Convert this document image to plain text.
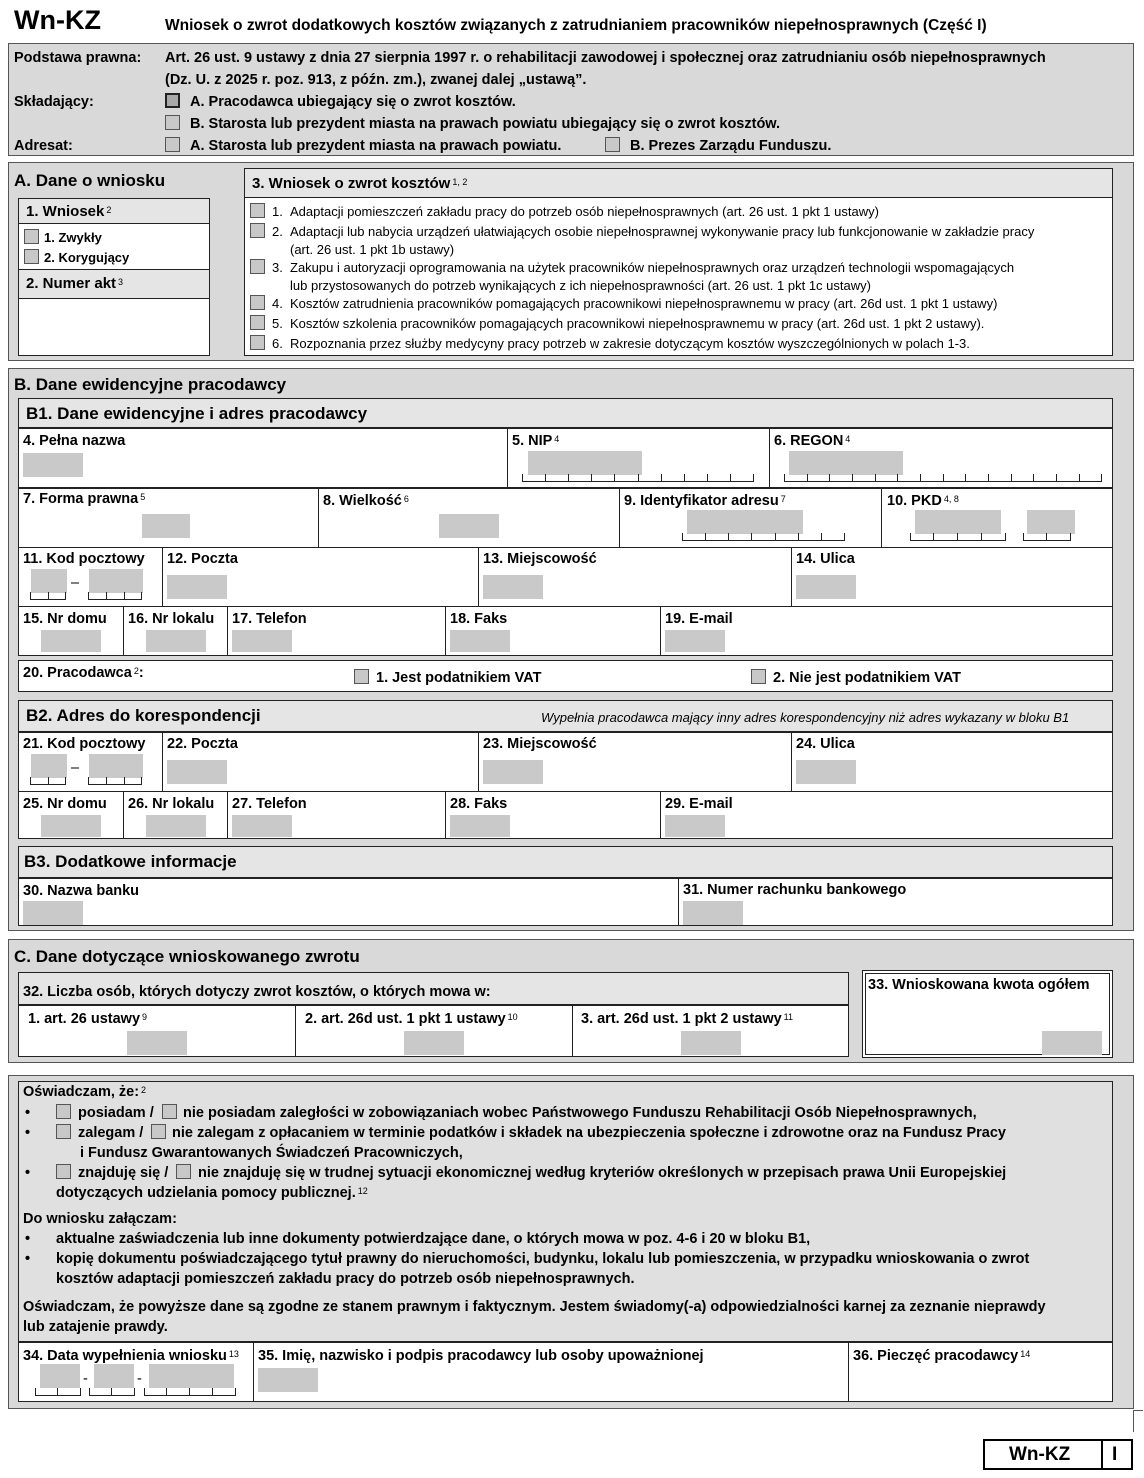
Wn-KZ	Wniosek o zwrot dodatkowych kosztów związanych z zatrudnianiem pracowników niepełnosprawnych (Część I)
Podstawa prawna: Art. 26 ust. 9 ustawy z dnia 27 sierpnia 1997 r. o rehabilitacji zawodowej i społecznej oraz zatrudnianiu osób niepełnosprawnych
(Dz. U. z 2025 r. poz. 913, z późn. zm.), zwanej dalej „ustawą”.
Składający:	A. Pracodawca ubiegający się o zwrot kosztów.
B. Starosta lub prezydent miasta na prawach powiatu ubiegający się o zwrot kosztów.
Adresat:	A. Starosta lub prezydent miasta na prawach powiatu.	B. Prezes Zarządu Funduszu.
A. Dane o wniosku
1. Wniosek $^2$
1. Zwykły
2. Korygujący
2. Numer akt $^3$
3. Wniosek o zwrot kosztów $^{1, 2}$
1. Adaptacji pomieszczeń zakładu pracy do potrzeb osób niepełnosprawnych (art. 26 ust. 1 pkt 1 ustawy)
2. Adaptacji lub nabycia urządzeń ułatwiających osobie niepełnosprawnej wykonywanie pracy lub funkcjonowanie w zakładzie pracy
(art. 26 ust. 1 pkt 1b ustawy)
3. Zakupu i autoryzacji oprogramowania na użytek pracowników niepełnosprawnych oraz urządzeń technologii wspomagających
lub przystosowanych do potrzeb wynikających z ich niepełnosprawności (art. 26 ust. 1 pkt 1c ustawy)
4. Kosztów zatrudnienia pracowników pomagających pracownikowi niepełnosprawnemu w pracy (art. 26d ust. 1 pkt 1 ustawy)
5. Kosztów szkolenia pracowników pomagających pracownikowi niepełnosprawnemu w pracy (art. 26d ust. 1 pkt 2 ustawy).
6. Rozpoznania przez służby medycyny pracy potrzeb w zakresie dotyczącym kosztów wyszczególnionych w polach 1-3.
B. Dane ewidencyjne pracodawcy
B1. Dane ewidencyjne i adres pracodawcy
4. Pełna nazwa	5. NIP $^4$	6. REGON $^4$
7. Forma prawna $^5$	8. Wielkość $^6$	9. Identyfikator adresu $^7$	10. PKD $^{4, 8}$
11. Kod pocztowy
–
12. Poczta	13. Miejscowość	14. Ulica
15. Nr domu 16. Nr lokalu 17. Telefon	18. Faks	19. E-mail
20. Pracodawca $^2$:	1. Jest podatnikiem VAT	2. Nie jest podatnikiem VAT
B2. Adres do korespondencji	Wypełnia pracodawca mający inny adres korespondencyjny niż adres wykazany w bloku B1
21. Kod pocztowy
–
22. Poczta	23. Miejscowość	24. Ulica
25. Nr domu 26. Nr lokalu 27. Telefon	28. Faks	29. E-mail
B3. Dodatkowe informacje
30. Nazwa banku	31. Numer rachunku bankowego
C. Dane dotyczące wnioskowanego zwrotu
32. Liczba osób, których dotyczy zwrot kosztów, o których mowa w:
1. art. 26 ustawy $^9$	2. art. 26d ust. 1 pkt 1 ustawy $^{10}$	3. art. 26d ust. 1 pkt 2 ustawy $^{11}$
33. Wnioskowana kwota ogółem
Oświadczam, że: $^2$
•	posiadam / nie posiadam zaległości w zobowiązaniach wobec Państwowego Funduszu Rehabilitacji Osób Niepełnosprawnych,
•	zalegam / nie zalegam z opłacaniem w terminie podatków i składek na ubezpieczenia społeczne i zdrowotne oraz na Fundusz Pracy
i Fundusz Gwarantowanych Świadczeń Pracowniczych,
•	znajduję się / nie znajduję się w trudnej sytuacji ekonomicznej według kryteriów określonych w przepisach prawa Unii Europejskiej
dotyczących udzielania pomocy publicznej. $^{12}$
Do wniosku załączam:
• aktualne zaświadczenia lub inne dokumenty potwierdzające dane, o których mowa w poz. 4-6 i 20 w bloku B1,
• kopię dokumentu poświadczającego tytuł prawny do nieruchomości, budynku, lokalu lub pomieszczenia, w przypadku wnioskowania o zwrot
kosztów adaptacji pomieszczeń zakładu pracy do potrzeb osób niepełnosprawnych.
Oświadczam, że powyższe dane są zgodne ze stanem prawnym i faktycznym. Jestem świadomy(-a) odpowiedzialności karnej za zeznanie nieprawdy
lub zatajenie prawdy.
34. Data wypełnienia wniosku $^{13}$
-	-
35. Imię, nazwisko i podpis pracodawcy lub osoby upoważnionej	36. Pieczęć pracodawcy $^{14}$
Wn-KZ I
